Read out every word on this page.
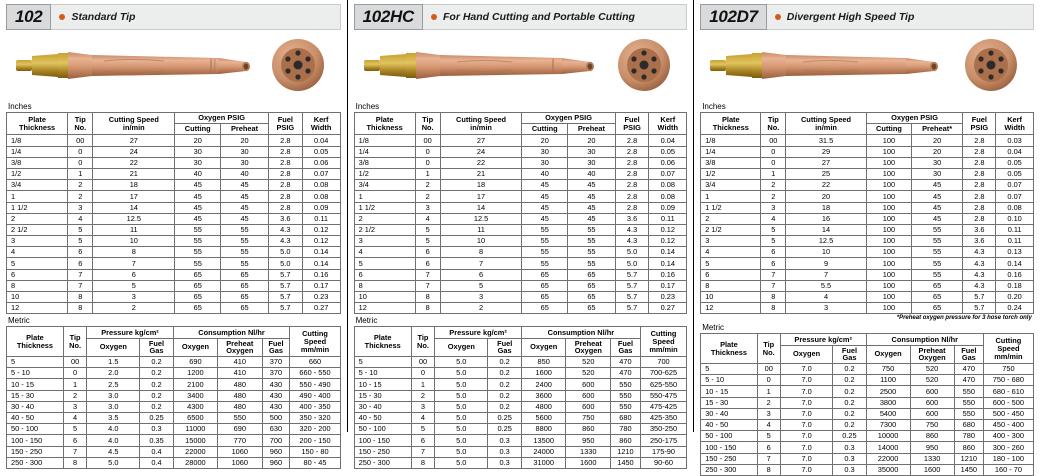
102	Standard Tip
Inches
Plate
Thickness	Tip
No.	Cutting Speed
in/min	Oxygen PSIG		Fuel
PSIG	Kerf
Width
			Cutting	Preheat		
1/8	00	27	20	20	2.8	0.04
1/4	0	24	30	30	2.8	0.05
3/8	0	22	30	30	2.8	0.06
1/2	1	21	40	40	2.8	0.07
3/4	2	18	45	45	2.8	0.08
1	2	17	45	45	2.8	0.08
1 1/2	3	14	45	45	2.8	0.09
2	4	12.5	45	45	3.6	0.11
2 1/2	5	11	55	55	4.3	0.12
3	5	10	55	55	4.3	0.12
4	6	8	55	55	5.0	0.14
5	6	7	55	55	5.0	0.14
6	7	6	65	65	5.7	0.16
8	7	5	65	65	5.7	0.17
10	8	3	65	65	5.7	0.23
12	8	2	65	65	5.7	0.27
Metric
Plate
Thickness	Tip
No.	Pressure kg/cm²		Consumption Nl/hr			Cutting
Speed
mm/min
		Oxygen	Fuel
Gas	Oxygen	Preheat
Oxygen	Fuel
Gas	
5	00	1.5	0.2	690	410	370	660
5 - 10	0	2.0	0.2	1200	410	370	660 - 550
10 - 15	1	2.5	0.2	2100	480	430	550 - 490
15 - 30	2	3.0	0.2	3400	480	430	490 - 400
30 - 40	3	3.0	0.2	4300	480	430	400 - 350
40 - 50	4	3.5	0.25	6500	550	500	350 - 320
50 - 100	5	4.0	0.3	11000	690	630	320 - 200
100 - 150	6	4.0	0.35	15000	770	700	200 - 150
150 - 250	7	4.5	0.4	22000	1060	960	150 - 80
250 - 300	8	5.0	0.4	28000	1060	960	80 - 45
102HC	For Hand Cutting and Portable Cutting
Inches
Plate
Thickness	Tip
No.	Cutting Speed
in/min	Oxygen PSIG		Fuel
PSIG	Kerf
Width
			Cutting	Preheat		
1/8	00	27	20	20	2.8	0.04
1/4	0	24	30	30	2.8	0.05
3/8	0	22	30	30	2.8	0.06
1/2	1	21	40	40	2.8	0.07
3/4	2	18	45	45	2.8	0.08
1	2	17	45	45	2.8	0.08
1 1/2	3	14	45	45	2.8	0.09
2	4	12.5	45	45	3.6	0.11
2 1/2	5	11	55	55	4.3	0.12
3	5	10	55	55	4.3	0.12
4	6	8	55	55	5.0	0.14
5	6	7	55	55	5.0	0.14
6	7	6	65	65	5.7	0.16
8	7	5	65	65	5.7	0.17
10	8	3	65	65	5.7	0.23
12	8	2	65	65	5.7	0.27
Metric
Plate
Thickness	Tip
No.	Pressure kg/cm²		Consumption Nl/hr			Cutting
Speed
mm/min
		Oxygen	Fuel
Gas	Oxygen	Preheat
Oxygen	Fuel
Gas	
5	00	5.0	0.2	850	520	470	700
5 - 10	0	5.0	0.2	1600	520	470	700-625
10 - 15	1	5.0	0.2	2400	600	550	625-550
15 - 30	2	5.0	0.2	3600	600	550	550-475
30 - 40	3	5.0	0.2	4800	600	550	475-425
40 - 50	4	5.0	0.25	5600	750	680	425-350
50 - 100	5	5.0	0.25	8800	860	780	350-250
100 - 150	6	5.0	0.3	13500	950	860	250-175
150 - 250	7	5.0	0.3	24000	1330	1210	175-90
250 - 300	8	5.0	0.3	31000	1600	1450	90-60
102D7	Divergent High Speed Tip
Inches
Plate
Thickness	Tip
No.	Cutting Speed
in/min	Oxygen PSIG		Fuel
PSIG	Kerf
Width
			Cutting	Preheat*		
1/8	00	31.5	100	20	2.8	0.03
1/4	0	29	100	20	2.8	0.04
3/8	0	27	100	30	2.8	0.05
1/2	1	25	100	30	2.8	0.05
3/4	2	22	100	45	2.8	0.07
1	2	20	100	45	2.8	0.07
1 1/2	3	18	100	45	2.8	0.08
2	4	16	100	45	2.8	0.10
2 1/2	5	14	100	55	3.6	0.11
3	5	12.5	100	55	3.6	0.11
4	6	10	100	55	4.3	0.13
5	6	9	100	55	4.3	0.14
6	7	7	100	55	4.3	0.16
8	7	5.5	100	65	4.3	0.18
10	8	4	100	65	5.7	0.20
12	8	3	100	65	5.7	0.24
*Preheat oxygen pressure for 3 hose torch only
Metric
Plate
Thickness	Tip
No.	Pressure kg/cm²		Consumption Nl/hr			Cutting
Speed
mm/min
		Oxygen	Fuel
Gas	Oxygen	Preheat
Oxygen	Fuel
Gas	
5	00	7.0	0.2	750	520	470	750
5 - 10	0	7.0	0.2	1100	520	470	750 - 680
10 - 15	1	7.0	0.2	2500	600	550	680 - 610
15 - 30	2	7.0	0.2	3800	600	550	600 - 500
30 - 40	3	7.0	0.2	5400	600	550	500 - 450
40 - 50	4	7.0	0.2	7300	750	680	450 - 400
50 - 100	5	7.0	0.25	10000	860	780	400 - 300
100 - 150	6	7.0	0.3	14000	950	860	300 - 260
150 - 250	7	7.0	0.3	22000	1330	1210	180 - 100
250 - 300	8	7.0	0.3	35000	1600	1450	160 - 70
